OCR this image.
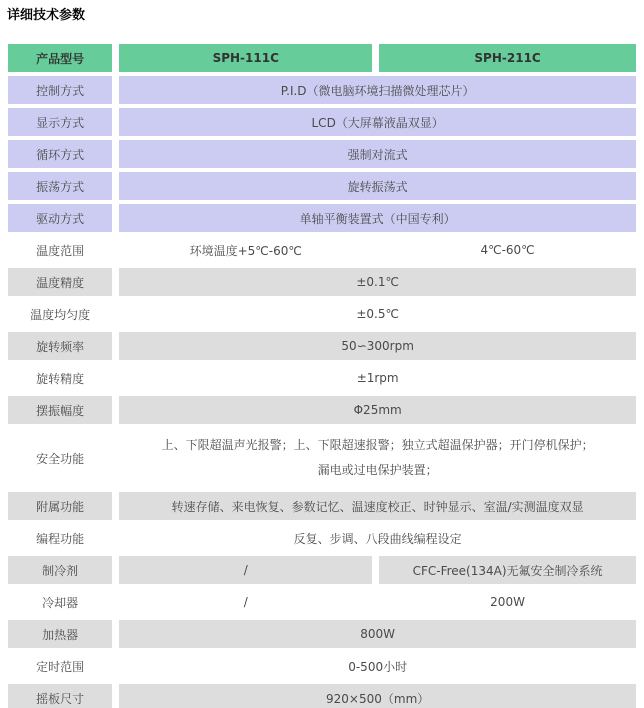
详细技术参数
产品型号	SPH-111C	SPH-211C
控制方式	P.I.D（微电脑环境扫描微处理芯片）	
显示方式	LCD（大屏幕液晶双显）	
循环方式	强制对流式	
振荡方式	旋转振荡式	
驱动方式	单轴平衡装置式（中国专利）	
温度范围	环境温度+5℃-60℃	4℃-60℃
温度精度	±0.1℃	
温度均匀度	±0.5℃	
旋转频率	50∽300rpm	
旋转精度	±1rpm	
摆振幅度	Φ25mm	
安全功能	上、下限超温声光报警；上、下限超速报警；独立式超温保护器；开门停机保护；
漏电或过电保护装置；	

附属功能	转速存储、来电恢复、参数记忆、温速度校正、时钟显示、室温/实测温度双显	
编程功能	反复、步调、八段曲线编程设定	
制冷剂	/	CFC-Free(134A)无氟安全制冷系统
冷却器	/	200W
加热器	800W	
定时范围	0-500小时	
摇板尺寸	920×500（mm）	
